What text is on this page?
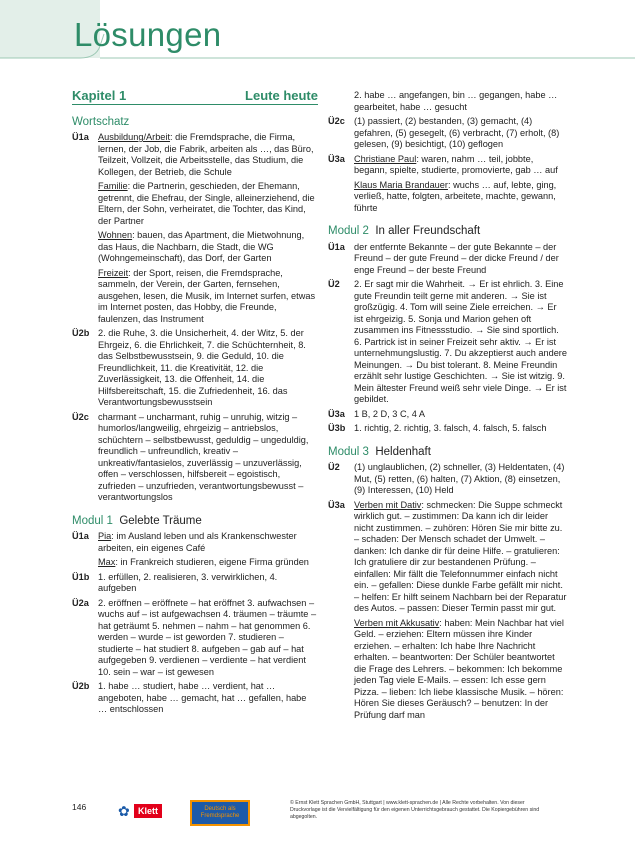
Lösungen
Kapitel 1	Leute heute
Wortschatz
Ü1a Ausbildung/Arbeit: die Fremdsprache, die Firma, lernen, der Job, die Fabrik, arbeiten als …, das Büro, Teilzeit, Vollzeit, die Arbeitsstelle, das Studium, die Kollegen, der Betrieb, die Schule
Familie: die Partnerin, geschieden, der Ehemann, getrennt, die Ehefrau, der Single, alleinerziehend, die Eltern, der Sohn, verheiratet, die Tochter, das Kind, der Partner
Wohnen: bauen, das Apartment, die Mietwohnung, das Haus, die Nachbarn, die Stadt, die WG (Wohngemeinschaft), das Dorf, der Garten
Freizeit: der Sport, reisen, die Fremdsprache, sammeln, der Verein, der Garten, fernsehen, ausgehen, lesen, die Musik, im Internet surfen, etwas im Internet posten, das Hobby, die Freunde, faulenzen, das Instrument
Ü2b 2. die Ruhe, 3. die Unsicherheit, 4. der Witz, 5. der Ehrgeiz, 6. die Ehrlichkeit, 7. die Schüchternheit, 8. das Selbstbewusstsein, 9. die Geduld, 10. die Freundlichkeit, 11. die Kreativität, 12. die Zuverlässigkeit, 13. die Offenheit, 14. die Hilfsbereitschaft, 15. die Zufriedenheit, 16. das Verantwortungsbewusstsein
Ü2c charmant – uncharmant, ruhig – unruhig, witzig – humorlos/langweilig, ehrgeizig – antriebslos, schüchtern – selbstbewusst, geduldig – ungeduldig, freundlich – unfreundlich, kreativ – unkreativ/fantasielos, zuverlässig – unzuverlässig, offen – verschlossen, hilfsbereit – egoistisch, zufrieden – unzufrieden, verantwortungsbewusst – verantwortungslos
Modul 1 Gelebte Träume
Ü1a Pia: im Ausland leben und als Krankenschwester arbeiten, ein eigenes Café
Max: in Frankreich studieren, eigene Firma gründen
Ü1b 1. erfüllen, 2. realisieren, 3. verwirklichen, 4. aufgeben
Ü2a 2. eröffnen – eröffnete – hat eröffnet 3. aufwachsen – wuchs auf – ist aufgewachsen 4. träumen – träumte – hat geträumt 5. nehmen – nahm – hat genommen 6. werden – wurde – ist geworden 7. studieren – studierte – hat studiert 8. aufgeben – gab auf – hat aufgegeben 9. verdienen – verdiente – hat verdient 10. sein – war – ist gewesen
Ü2b 1. habe … studiert, habe … verdient, hat … angeboten, habe … gemacht, hat … gefallen, habe … entschlossen
2. habe … angefangen, bin … gegangen, habe … gearbeitet, habe … gesucht
Ü2c (1) passiert, (2) bestanden, (3) gemacht, (4) gefahren, (5) gesegelt, (6) verbracht, (7) erholt, (8) gelesen, (9) besichtigt, (10) geflogen
Ü3a Christiane Paul: waren, nahm … teil, jobbte, begann, spielte, studierte, promovierte, gab … auf
Klaus Maria Brandauer: wuchs … auf, lebte, ging, verließ, hatte, folgten, arbeitete, machte, gewann, führte
Modul 2 In aller Freundschaft
Ü1a der entfernte Bekannte – der gute Bekannte – der Freund – der gute Freund – der dicke Freund / der enge Freund – der beste Freund
Ü2	2. Er sagt mir die Wahrheit. → Er ist ehrlich. 3. Eine gute Freundin teilt gerne mit anderen. → Sie ist großzügig. 4. Tom will seine Ziele erreichen. → Er ist ehrgeizig. 5. Sonja und Marion gehen oft zusammen ins Fitnessstudio. → Sie sind sportlich. 6. Partrick ist in seiner Freizeit sehr aktiv. → Er ist unternehmungslustig. 7. Du akzeptierst auch andere Meinungen. → Du bist tolerant. 8. Meine Freundin erzählt sehr lustige Geschichten. → Sie ist witzig. 9. Mein ältester Freund weiß sehr viele Dinge. → Er ist gebildet.
Ü3a 1 B, 2 D, 3 C, 4 A
Ü3b 1. richtig, 2. richtig, 3. falsch, 4. falsch, 5. falsch
Modul 3 Heldenhaft
Ü2	(1) unglaublichen, (2) schneller, (3) Heldentaten, (4) Mut, (5) retten, (6) halten, (7) Aktion, (8) einsetzen, (9) Interessen, (10) Held
Ü3a Verben mit Dativ: schmecken: Die Suppe schmeckt wirklich gut. – zustimmen: Da kann ich dir leider nicht zustimmen. – zuhören: Hören Sie mir bitte zu. – schaden: Der Mensch schadet der Umwelt. – danken: Ich danke dir für deine Hilfe. – gratulieren: Ich gratuliere dir zur bestandenen Prüfung. – einfallen: Mir fällt die Telefonnummer einfach nicht ein. – gefallen: Diese dunkle Farbe gefällt mir nicht. – helfen: Er hilft seinem Nachbarn bei der Reparatur des Autos. – passen: Dieser Termin passt mir gut.
Verben mit Akkusativ: haben: Mein Nachbar hat viel Geld. – erziehen: Eltern müssen ihre Kinder erziehen. – erhalten: Ich habe Ihre Nachricht erhalten. – beantworten: Der Schüler beantwortet die Frage des Lehrers. – bekommen: Ich bekomme jeden Tag viele E-Mails. – essen: Ich esse gern Pizza. – lieben: Ich liebe klassische Musik. – hören: Hören Sie dieses Geräusch? – benutzen: In der Prüfung darf man
146 ✿ Klett	Deutsch als Fremdsprache
© Ernst Klett Sprachen GmbH, Stuttgart | www.klett-sprachen.de | Alle Rechte vorbehalten. Von dieser Druckvorlage ist die Vervielfältigung für den eigenen Unterrichtsgebrauch gestattet. Die Kopiergebühren sind abgegolten.
